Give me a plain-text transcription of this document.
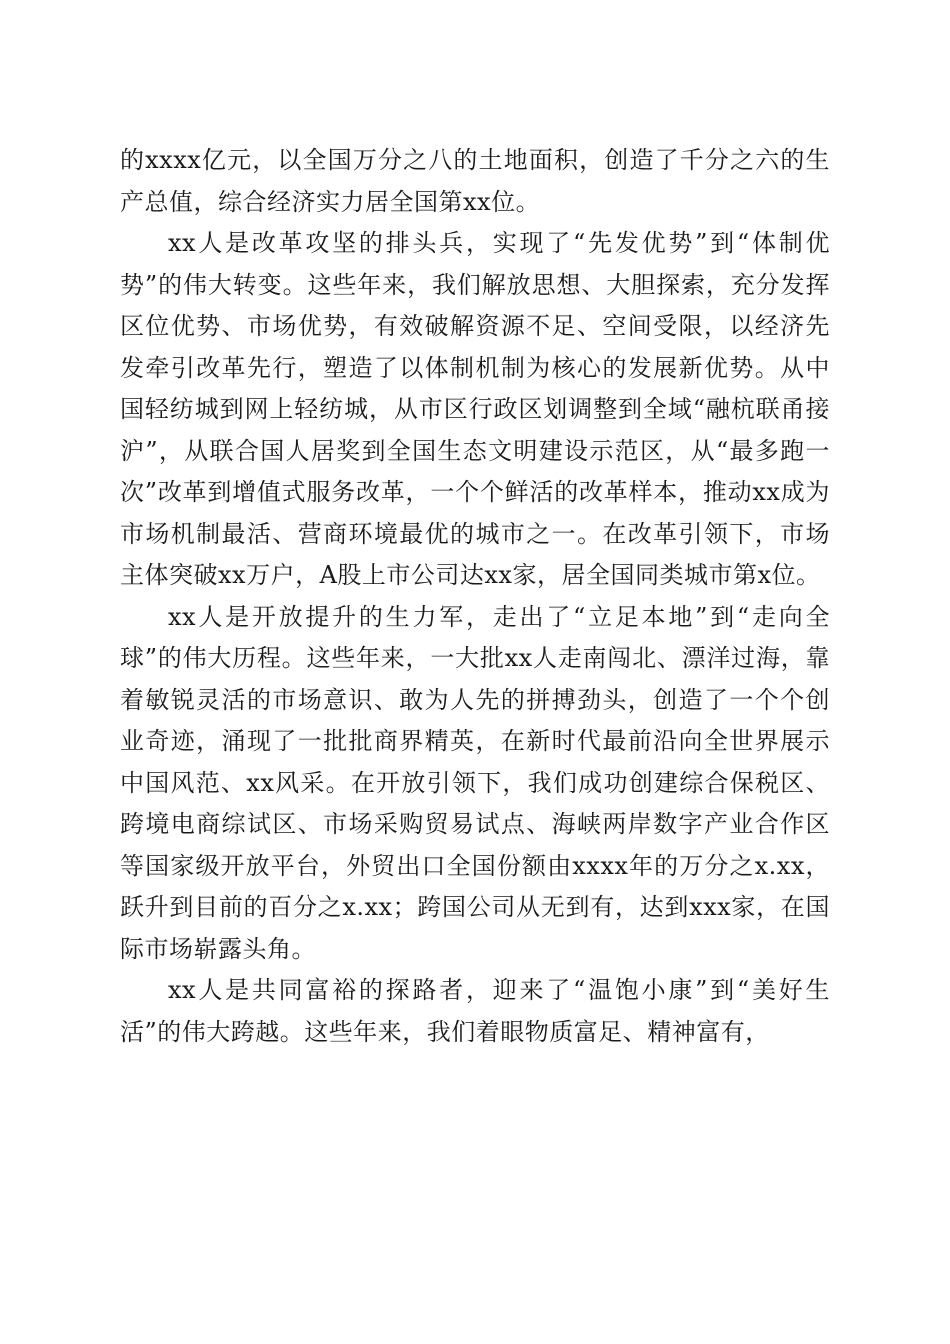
的xxxx亿元，以全国万分之八的土地面积，创造了千分之六的生产总值，综合经济实力居全国第xx位。

xx人是改革攻坚的排头兵，实现了“先发优势”到“体制优势”的伟大转变。这些年来，我们解放思想、大胆探索，充分发挥区位优势、市场优势，有效破解资源不足、空间受限，以经济先发牵引改革先行，塑造了以体制机制为核心的发展新优势。从中国轻纺城到网上轻纺城，从市区行政区划调整到全域“融杭联甬接沪”，从联合国人居奖到全国生态文明建设示范区，从“最多跑一次”改革到增值式服务改革，一个个鲜活的改革样本，推动xx成为市场机制最活、营商环境最优的城市之一。在改革引领下，市场主体突破xx万户，A股上市公司达xx家，居全国同类城市第x位。

xx人是开放提升的生力军，走出了“立足本地”到“走向全球”的伟大历程。这些年来，一大批xx人走南闯北、漂洋过海，靠着敏锐灵活的市场意识、敢为人先的拼搏劲头，创造了一个个创业奇迹，涌现了一批批商界精英，在新时代最前沿向全世界展示中国风范、xx风采。在开放引领下，我们成功创建综合保税区、跨境电商综试区、市场采购贸易试点、海峡两岸数字产业合作区等国家级开放平台，外贸出口全国份额由xxxx年的万分之x.xx，跃升到目前的百分之x.xx；跨国公司从无到有，达到xxx家，在国际市场崭露头角。

xx人是共同富裕的探路者，迎来了“温饱小康”到“美好生活”的伟大跨越。这些年来，我们着眼物质富足、精神富有，
